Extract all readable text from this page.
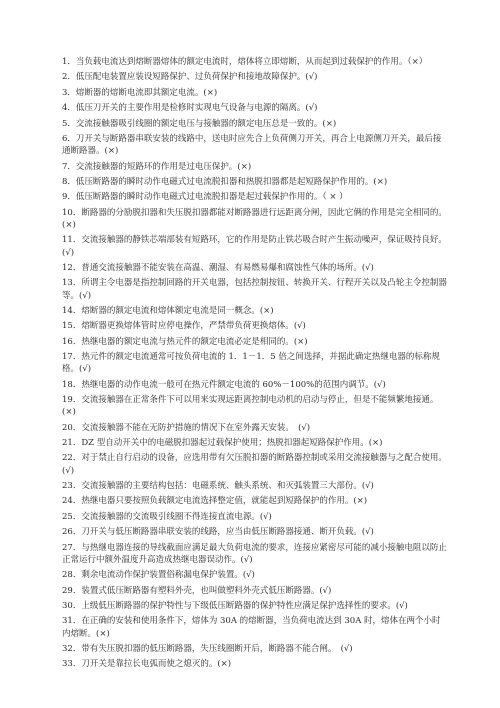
1．当负载电流达到熔断器熔体的额定电流时，熔体将立即熔断，从而起到过载保护的作用。（×）

2．低压配电装置应装设短路保护、过负荷保护和接地故障保护。(√)

3．熔断器的熔断电流即其额定电流。(×)

4．低压刀开关的主要作用是检修时实现电气设备与电源的隔离。(√)

5．交流接触器吸引线圈的额定电压与接触器的额定电压总是一致的。(×)

6．刀开关与断路器串联安装的线路中，送电时应先合上负荷侧刀开关，再合上电源侧刀开关，最后接通断路器。(×)

7．交流接触器的短路环的作用是过电压保护。(×)

8．低压断路器的瞬时动作电磁式过电流脱扣器和热脱扣器都是起短路保护作用的。(×)

9．低压断路器的瞬时动作电磁式过电流脱扣器是起过载保护作用的。（ × ）

10．断路器的分励脱扣器和失压脱扣器都能对断路器进行远距离分闸，因此它俩的作用是完全相同的。(×)

11．交流接触器的静铁芯端部装有短路环，它的作用是防止铁芯吸合时产生振动噪声，保证吸持良好。(√)

12．普通交流接触器不能安装在高温、潮湿、有易燃易爆和腐蚀性气体的场所。(√)

13．所谓主令电器是指控制回路的开关电器，包括控制按钮、转换开关、行程开关以及凸轮主令控制器等。(√)

14．熔断器的额定电流和熔体额定电流是同一概念。(×)

15．熔断器更换熔体管时应停电操作，严禁带负荷更换熔体。(√)

16．热继电器的额定电流与热元件的额定电流必定是相同的。(×)

17．热元件的额定电流通常可按负荷电流的 1．1－1．5 倍之间选择，并据此确定热继电器的标称规格。(√)

18．热继电器的动作电流一般可在热元件额定电流的 60%－100%的范围内调节。(√)

19．交流接触器在正常条件下可以用来实现远距离控制电动机的启动与停止，但是不能频繁地接通。(×)

20．交流接触器不能在无防护措施的情况下在室外露天安装。　(√)

21．DZ 型自动开关中的电磁脱扣器起过载保护使用；热脱扣器起短路保护作用。(×)

22．对于禁止自行启动的设备，应选用带有欠压脱扣器的断路器控制或采用交流接触器与之配合使用。(√)

23．交流接触器的主要结构包括：电磁系统、触头系统、和灭弧装置三大部份。(√)

24．热继电器只要按照负载额定电流选择整定值，就能起到短路保护的作用。(×)

25．交流接触器的交流吸引线圈不得连接直流电源。(√)

26．刀开关与低压断路器串联安装的线路，应当由低压断路器接通、断开负载。(√)

27．与热继电器连接的导线截面应满足最大负荷电流的要求，连接应紧密尽可能的减小接触电阻以防止正常运行中额外温度升高造成热继电器误动作。(√)

28．剩余电流动作保护装置俗称漏电保护装置。(√)

29．装置式低压断路器有塑料外壳，也叫做塑料外壳式低压断路器。(√)

30．上级低压断路器的保护特性与下级低压断路器的保护特性应满足保护选择性的要求。(√)

31．在正确的安装和使用条件下，熔体为 30A 的熔断器，当负荷电流达到 30A 时，熔体在两个小时内熔断。(×)

32．带有失压脱扣器的低压断路器，失压线圈断开后，断路器不能合闸。　(√)

33．刀开关是靠拉长电弧而使之熄灭的。(×)
